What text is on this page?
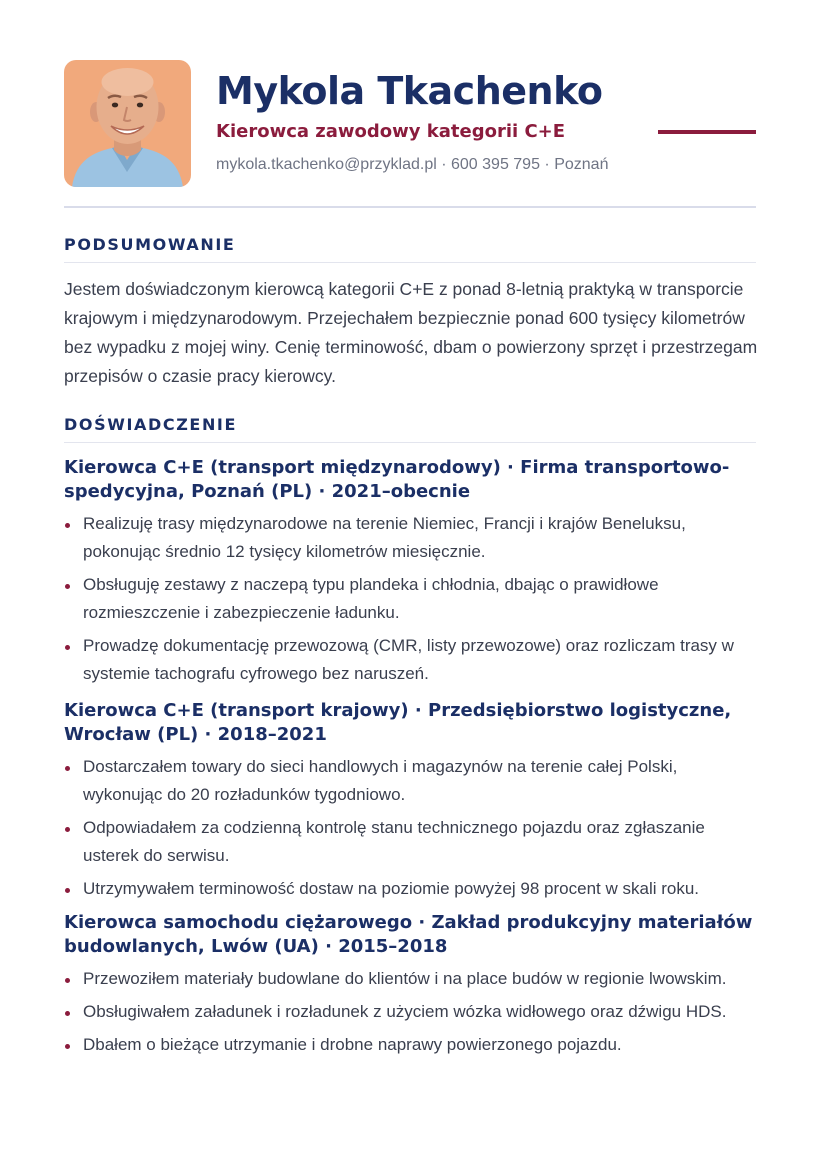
Mykola Tkachenko
Kierowca zawodowy kategorii C+E
mykola.tkachenko@przyklad.pl · 600 395 795 · Poznań
PODSUMOWANIE

Jestem doświadczonym kierowcą kategorii C+E z ponad 8-letnią praktyką w transporcie krajowym i międzynarodowym. Przejechałem bezpiecznie ponad 600 tysięcy kilometrów bez wypadku z mojej winy. Cenię terminowość, dbam o powierzony sprzęt i przestrzegam przepisów o czasie pracy kierowcy.

DOŚWIADCZENIE
Kierowca C+E (transport międzynarodowy) · Firma transportowo-spedycyjna, Poznań (PL) · 2021–obecnie
Realizuję trasy międzynarodowe na terenie Niemiec, Francji i krajów Beneluksu, pokonując średnio 12 tysięcy kilometrów miesięcznie.
Obsługuję zestawy z naczepą typu plandeka i chłodnia, dbając o prawidłowe rozmieszczenie i zabezpieczenie ładunku.
Prowadzę dokumentację przewozową (CMR, listy przewozowe) oraz rozliczam trasy w systemie tachografu cyfrowego bez naruszeń.
Kierowca C+E (transport krajowy) · Przedsiębiorstwo logistyczne, Wrocław (PL) · 2018–2021
Dostarczałem towary do sieci handlowych i magazynów na terenie całej Polski, wykonując do 20 rozładunków tygodniowo.
Odpowiadałem za codzienną kontrolę stanu technicznego pojazdu oraz zgłaszanie usterek do serwisu.
Utrzymywałem terminowość dostaw na poziomie powyżej 98 procent w skali roku.
Kierowca samochodu ciężarowego · Zakład produkcyjny materiałów budowlanych, Lwów (UA) · 2015–2018
Przewoziłem materiały budowlane do klientów i na place budów w regionie lwowskim.
Obsługiwałem załadunek i rozładunek z użyciem wózka widłowego oraz dźwigu HDS.
Dbałem o bieżące utrzymanie i drobne naprawy powierzonego pojazdu.
